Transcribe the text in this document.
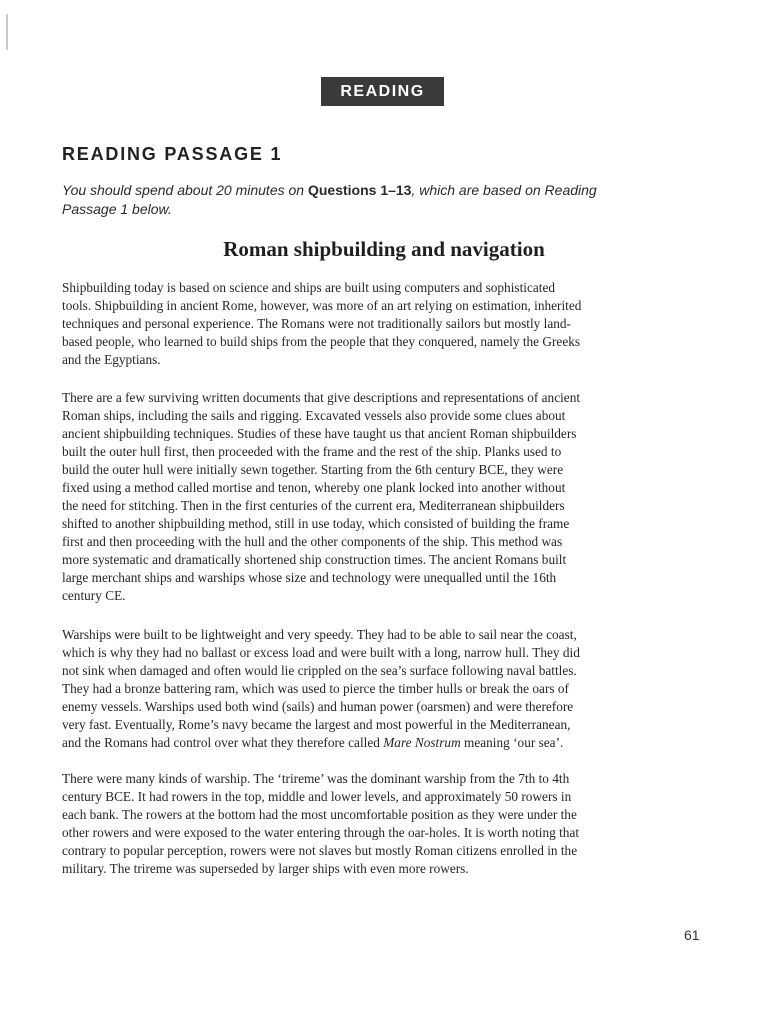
READING
READING PASSAGE 1

You should spend about 20 minutes on Questions 1–13, which are based on Reading
Passage 1 below.

Roman shipbuilding and navigation

Shipbuilding today is based on science and ships are built using computers and sophisticated
tools. Shipbuilding in ancient Rome, however, was more of an art relying on estimation, inherited
techniques and personal experience. The Romans were not traditionally sailors but mostly land-
based people, who learned to build ships from the people that they conquered, namely the Greeks
and the Egyptians.

There are a few surviving written documents that give descriptions and representations of ancient
Roman ships, including the sails and rigging. Excavated vessels also provide some clues about
ancient shipbuilding techniques. Studies of these have taught us that ancient Roman shipbuilders
built the outer hull first, then proceeded with the frame and the rest of the ship. Planks used to
build the outer hull were initially sewn together. Starting from the 6th century BCE, they were
fixed using a method called mortise and tenon, whereby one plank locked into another without
the need for stitching. Then in the first centuries of the current era, Mediterranean shipbuilders
shifted to another shipbuilding method, still in use today, which consisted of building the frame
first and then proceeding with the hull and the other components of the ship. This method was
more systematic and dramatically shortened ship construction times. The ancient Romans built
large merchant ships and warships whose size and technology were unequalled until the 16th
century CE.

Warships were built to be lightweight and very speedy. They had to be able to sail near the coast,
which is why they had no ballast or excess load and were built with a long, narrow hull. They did
not sink when damaged and often would lie crippled on the sea’s surface following naval battles.
They had a bronze battering ram, which was used to pierce the timber hulls or break the oars of
enemy vessels. Warships used both wind (sails) and human power (oarsmen) and were therefore
very fast. Eventually, Rome’s navy became the largest and most powerful in the Mediterranean,
and the Romans had control over what they therefore called Mare Nostrum meaning ‘our sea’.

There were many kinds of warship. The ‘trireme’ was the dominant warship from the 7th to 4th
century BCE. It had rowers in the top, middle and lower levels, and approximately 50 rowers in
each bank. The rowers at the bottom had the most uncomfortable position as they were under the
other rowers and were exposed to the water entering through the oar-holes. It is worth noting that
contrary to popular perception, rowers were not slaves but mostly Roman citizens enrolled in the
military. The trireme was superseded by larger ships with even more rowers.

61
